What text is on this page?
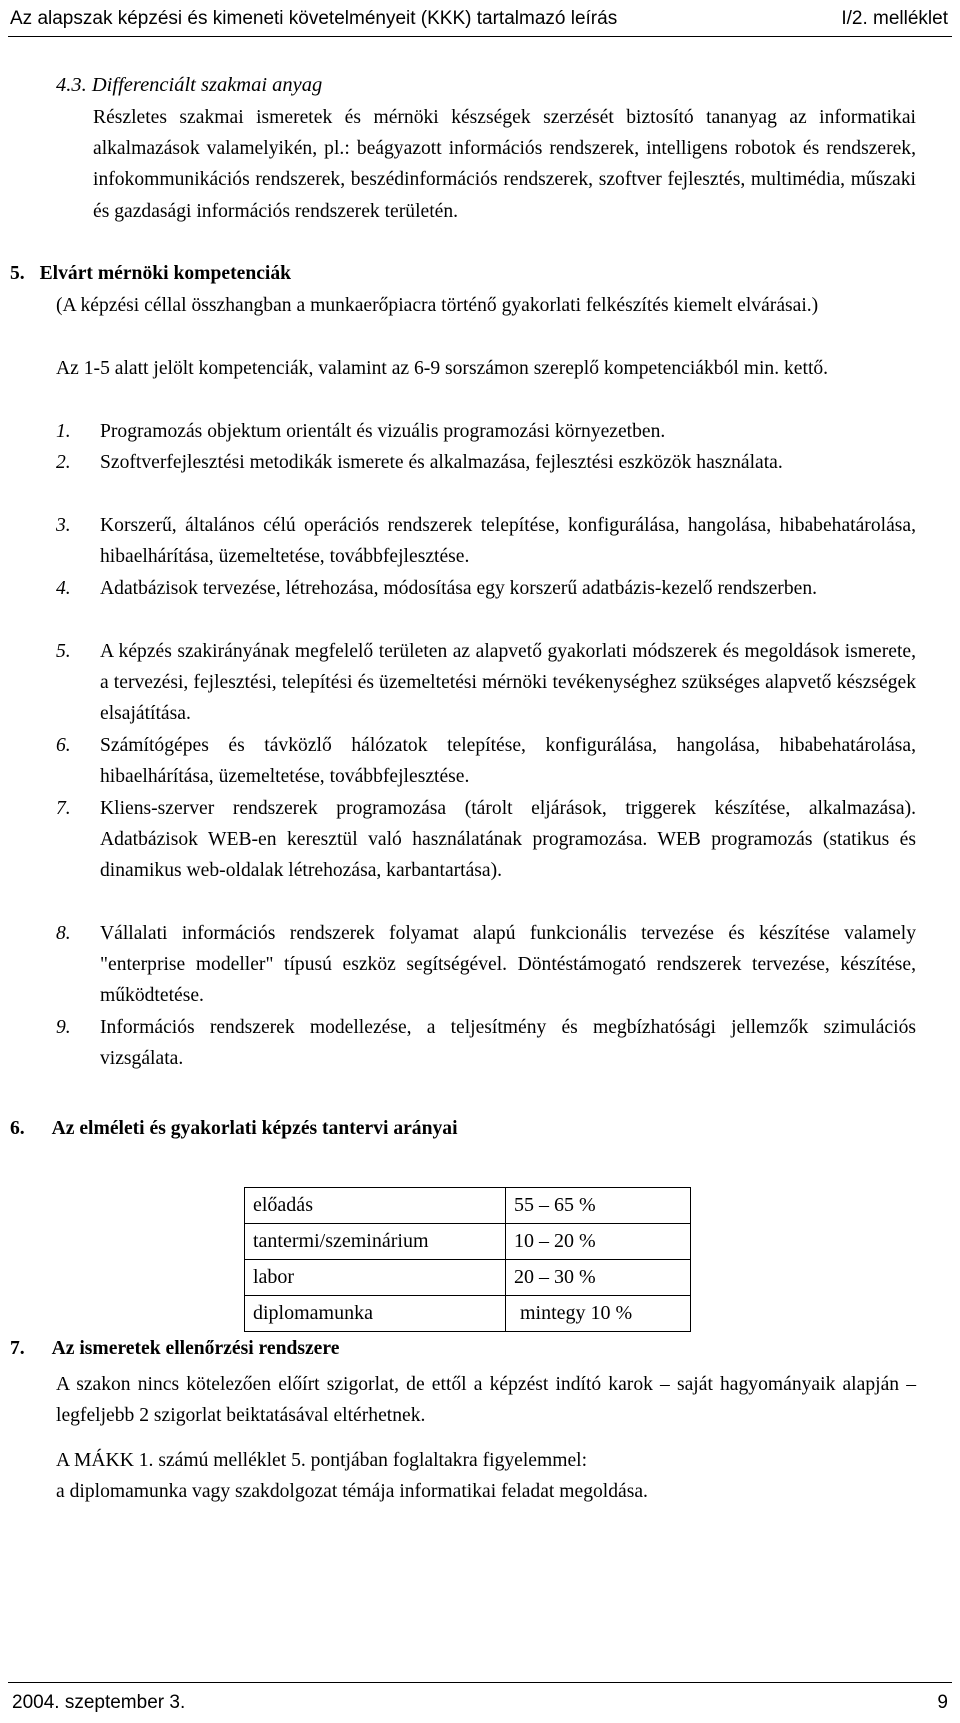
Az alapszak képzési és kimeneti követelményeit (KKK) tartalmazó leírás	I/2. melléklet
4.3. Differenciált szakmai anyag
Részletes szakmai ismeretek és mérnöki készségek szerzését biztosító tananyag az informatikai alkalmazások valamelyikén, pl.: beágyazott információs rendszerek, intelligens robotok és rendszerek, infokommunikációs rendszerek, beszédinformációs rendszerek, szoftver fejlesztés, multimédia, műszaki és gazdasági információs rendszerek területén.
5. Elvárt mérnöki kompetenciák
(A képzési céllal összhangban a munkaerőpiacra történő gyakorlati felkészítés kiemelt elvárásai.)
Az 1-5 alatt jelölt kompetenciák, valamint az 6-9 sorszámon szereplő kompetenciákból min. kettő.
1.	Programozás objektum orientált és vizuális programozási környezetben.
2.	Szoftverfejlesztési metodikák ismerete és alkalmazása, fejlesztési eszközök használata.
3.	Korszerű, általános célú operációs rendszerek telepítése, konfigurálása, hangolása, hibabehatárolása, hibaelhárítása, üzemeltetése, továbbfejlesztése.
4.	Adatbázisok tervezése, létrehozása, módosítása egy korszerű adatbázis-kezelő rendszerben.
5.	A képzés szakirányának megfelelő területen az alapvető gyakorlati módszerek és megoldások ismerete, a tervezési, fejlesztési, telepítési és üzemeltetési mérnöki tevékenységhez szükséges alapvető készségek elsajátítása.
6.	Számítógépes és távközlő hálózatok telepítése, konfigurálása, hangolása, hibabehatárolása, hibaelhárítása, üzemeltetése, továbbfejlesztése.
7.	Kliens-szerver rendszerek programozása (tárolt eljárások, triggerek készítése, alkalmazása). Adatbázisok WEB-en keresztül való használatának programozása. WEB programozás (statikus és dinamikus web-oldalak létrehozása, karbantartása).
8.	Vállalati információs rendszerek folyamat alapú funkcionális tervezése és készítése valamely "enterprise modeller" típusú eszköz segítségével. Döntéstámogató rendszerek tervezése, készítése, működtetése.
9.	Információs rendszerek modellezése, a teljesítmény és megbízhatósági jellemzők szimulációs vizsgálata.
6. Az elméleti és gyakorlati képzés tantervi arányai
előadás	55 – 65 %
tantermi/szeminárium	10 – 20 %
labor	20 – 30 %
diplomamunka	mintegy 10 %
7. Az ismeretek ellenőrzési rendszere
A szakon nincs kötelezően előírt szigorlat, de ettől a képzést indító karok – saját hagyományaik alapján – legfeljebb 2 szigorlat beiktatásával eltérhetnek.
A MÁKK 1. számú melléklet 5. pontjában foglaltakra figyelemmel:
a diplomamunka vagy szakdolgozat témája informatikai feladat megoldása.
2004. szeptember 3.	9
